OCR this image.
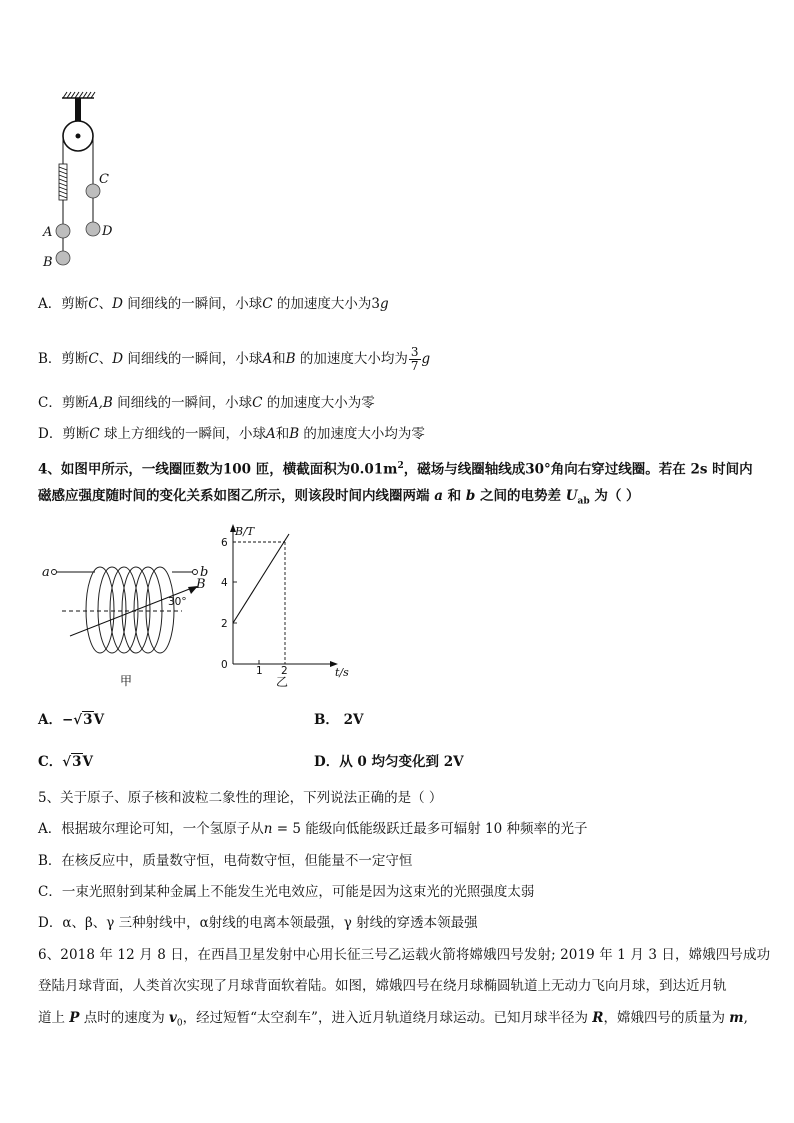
C
D
A
B
A．剪断C、D 间细线的一瞬间，小球C 的加速度大小为3g
B．剪断C、D 间细线的一瞬间，小球A和B 的加速度大小均为 $\frac{3}{7}$ g
C．剪断A,B 间细线的一瞬间，小球C 的加速度大小为零
D．剪断C 球上方细线的一瞬间，小球A和B 的加速度大小均为零
4、如图甲所示，一线圈匝数为100 匝，横截面积为$0.01m^2$，磁场与线圈轴线成30°角向右穿过线圈。若在 2s 时间内
磁感应强度随时间的变化关系如图乙所示，则该段时间内线圈两端 a 和 b 之间的电势差 $U_{ab}$ 为（ ）
a	b
B
30°
甲
B/T
6
4
2
0	1 2	t/s
乙
A．−√3V	B． 2V
C．√3V	D．从 0 均匀变化到 2V
5、关于原子、原子核和波粒二象性的理论，下列说法正确的是（ ）
A．根据玻尔理论可知，一个氢原子从n = 5 能级向低能级跃迁最多可辐射 10 种频率的光子
B．在核反应中，质量数守恒，电荷数守恒，但能量不一定守恒
C．一束光照射到某种金属上不能发生光电效应，可能是因为这束光的光照强度太弱
D．α、β、γ 三种射线中，α射线的电离本领最强，γ 射线的穿透本领最强
6、2018 年 12 月 8 日，在西昌卫星发射中心用长征三号乙运载火箭将嫦娥四号发射; 2019 年 1 月 3 日，嫦娥四号成功
登陆月球背面，人类首次实现了月球背面软着陆。如图，嫦娥四号在绕月球椭圆轨道上无动力飞向月球，到达近月轨
道上 P 点时的速度为 $v_0$，经过短暂“太空刹车”，进入近月轨道绕月球运动。已知月球半径为 R，嫦娥四号的质量为 m,
